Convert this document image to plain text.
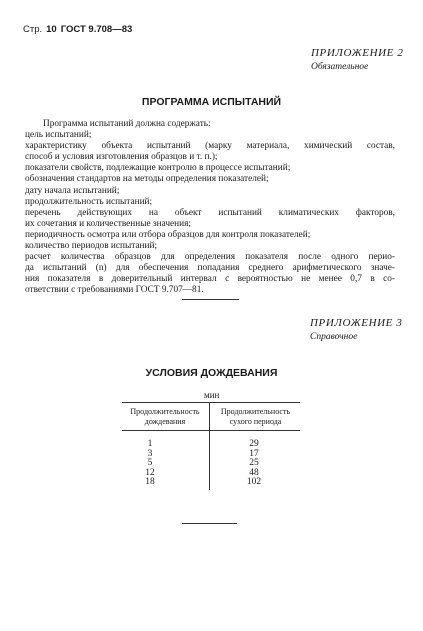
Стр. 10 ГОСТ 9.708—83
ПРИЛОЖЕНИЕ 2
Обязательное
ПРОГРАММА ИСПЫТАНИЙ
Программа испытаний должна содержать:
цель испытаний;
характеристику объекта испытаний (марку материала, химический состав,
способ и условия изготовления образцов и т. п.);
показатели свойств, подлежащие контролю в процессе испытаний;
обозначения стандартов на методы определения показателей;
дату начала испытаний;
продолжительность испытаний;
перечень действующих на объект испытаний климатических факторов,
их сочетания и количественные значения;
периодичность осмотра или отбора образцов для контроля показателей;
количество периодов испытаний;
расчет количества образцов для определения показателя после одного перио-
да испытаний (n) для обеспечения попадания среднего арифметического значе-
ния показателя в доверительный интервал с вероятностью не менее 0,7 в со-
ответствии с требованиями ГОСТ 9.707—81.
ПРИЛОЖЕНИЕ 3
Справочное
УСЛОВИЯ ДОЖДЕВАНИЯ
мин
Продолжительность дождевания
Продолжительность сухого периода
1
3
5
12
18
29
17
25
48
102
